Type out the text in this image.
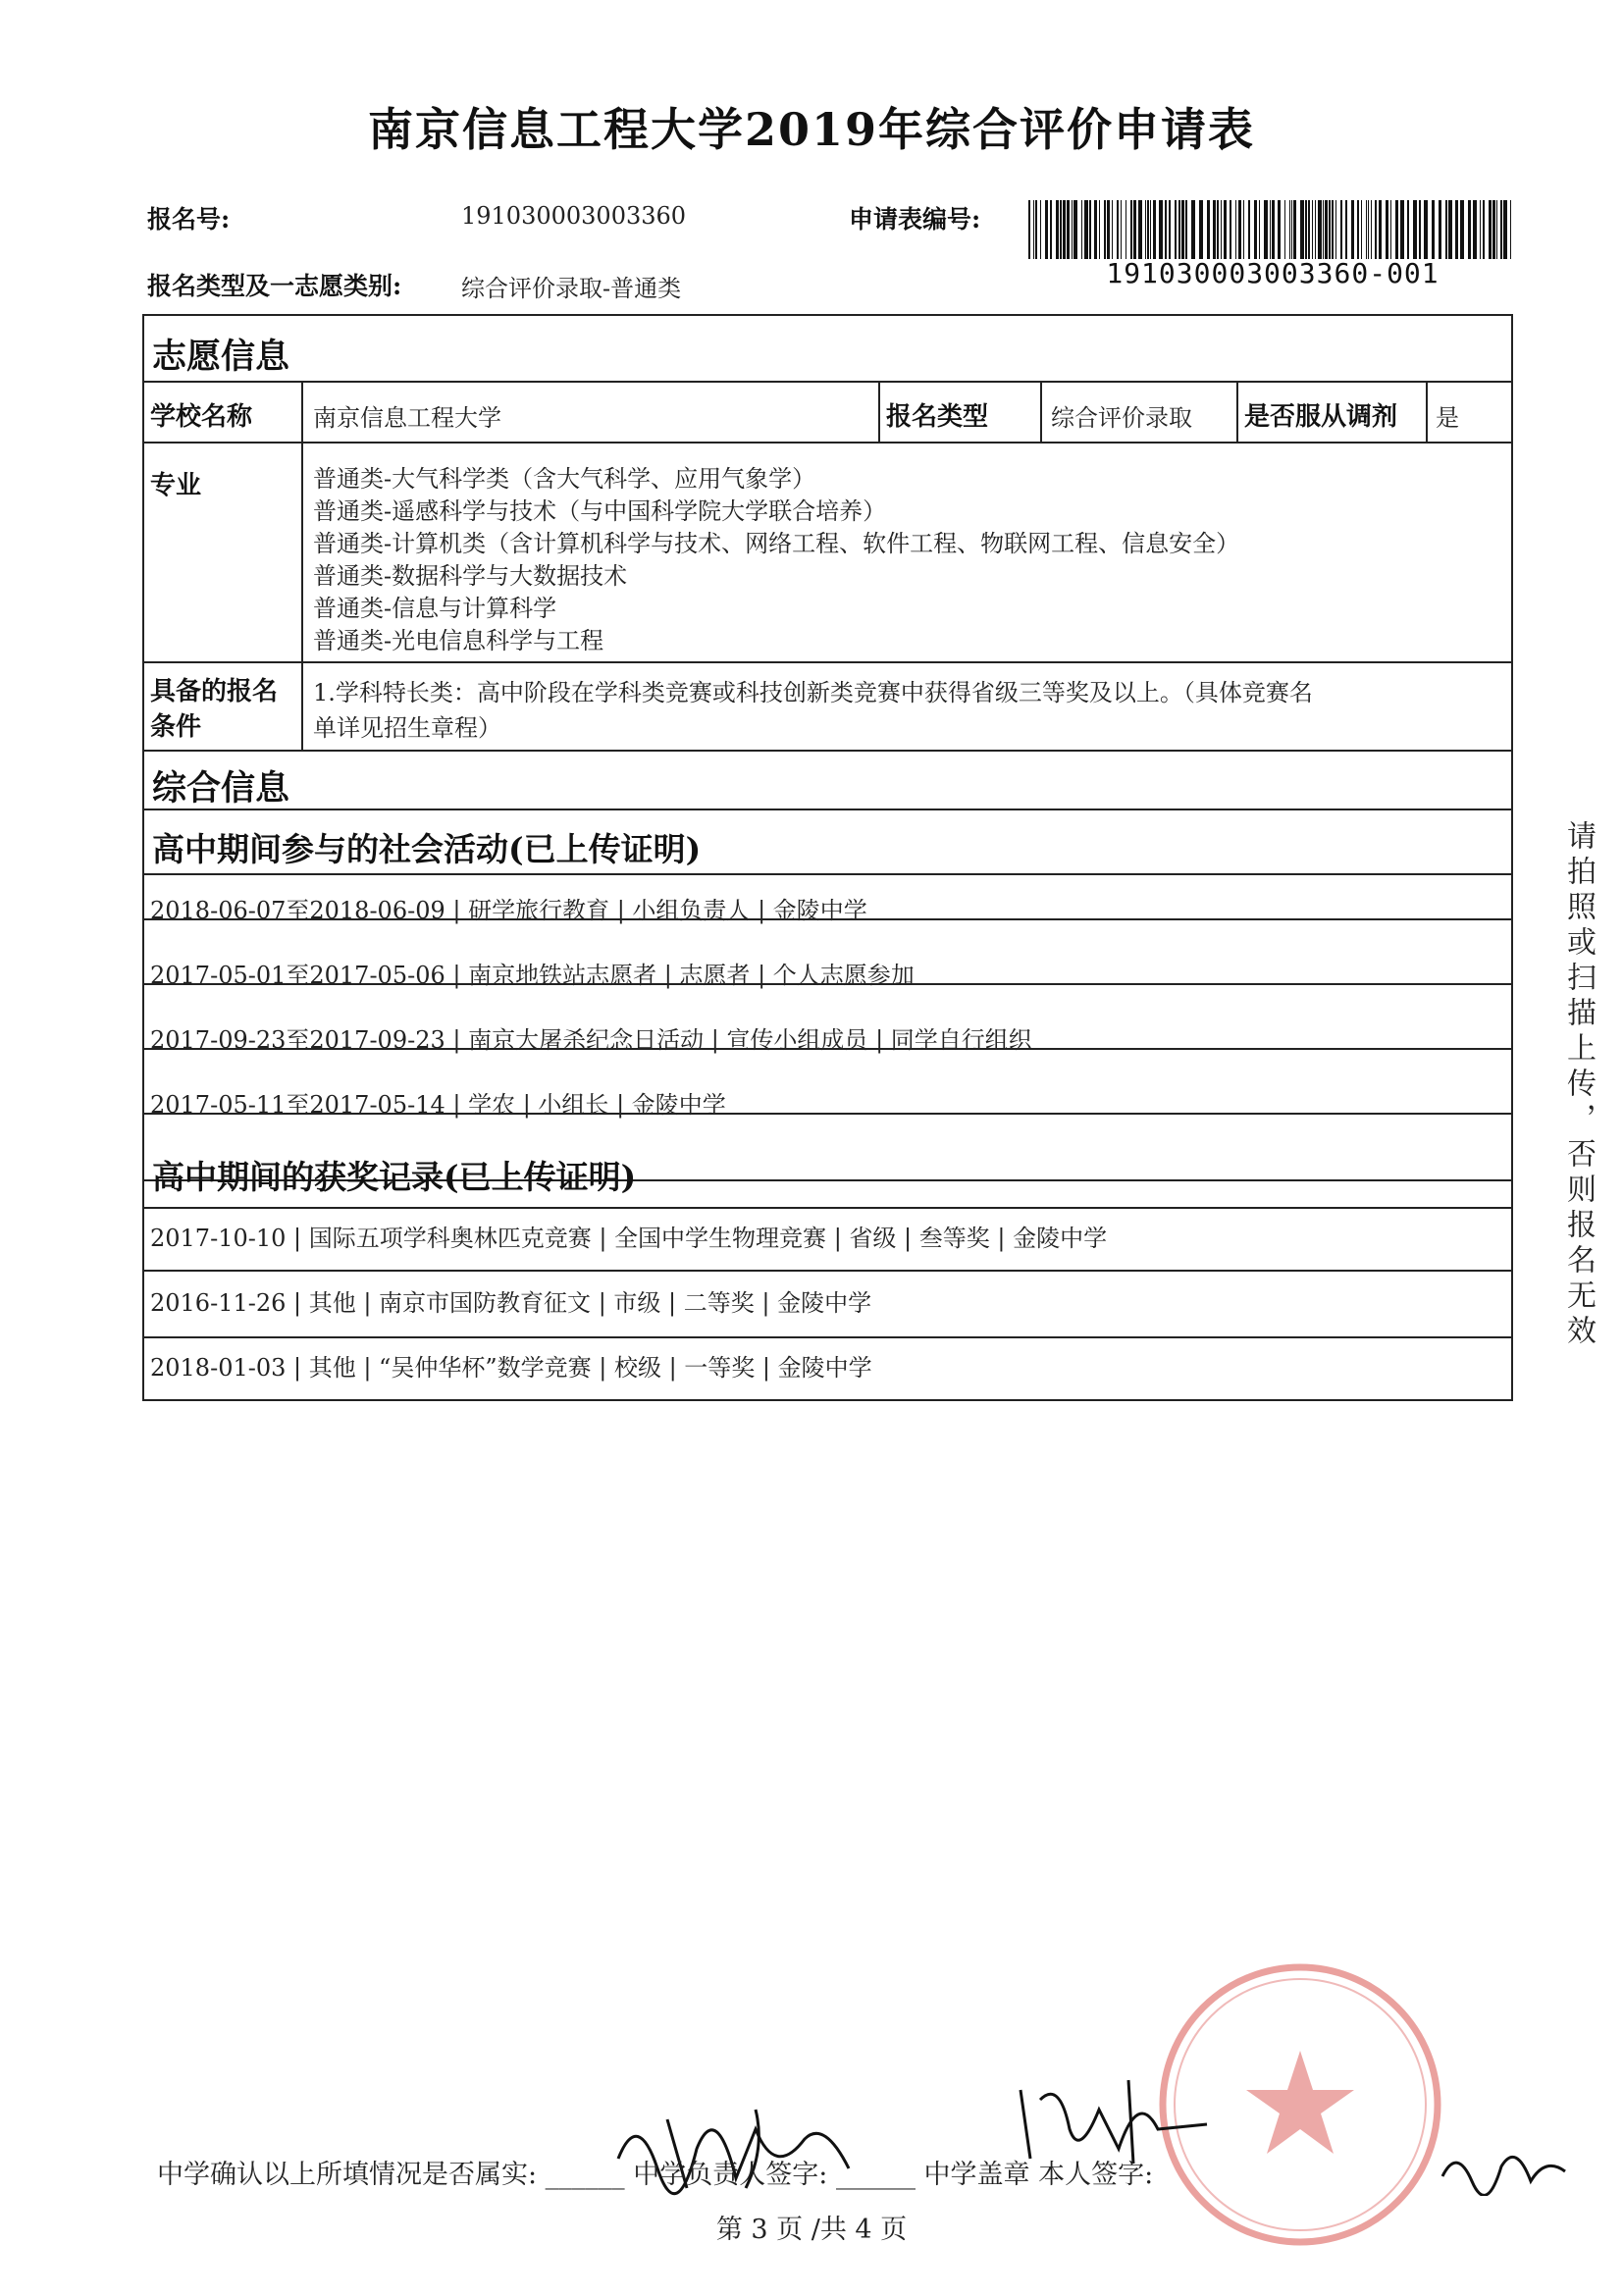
南京信息工程大学2019年综合评价申请表
报名号:	191030003003360	申请表编号:
191030003003360-001
报名类型及一志愿类别:	综合评价录取-普通类
志愿信息
学校名称	南京信息工程大学	报名类型	综合评价录取 是否服从调剂 是
专业	普通类-大气科学类（含大气科学、应用气象学）
普通类-遥感科学与技术（与中国科学院大学联合培养）
普通类-计算机类（含计算机科学与技术、网络工程、软件工程、物联网工程、信息安全）
普通类-数据科学与大数据技术
普通类-信息与计算科学
普通类-光电信息科学与工程
具备的报名
条件
1.学科特长类：高中阶段在学科类竞赛或科技创新类竞赛中获得省级三等奖及以上。（具体竞赛名
单详见招生章程）
综合信息
高中期间参与的社会活动(已上传证明)
2018-06-07至2018-06-09 | 研学旅行教育 | 小组负责人 | 金陵中学
2017-05-01至2017-05-06 | 南京地铁站志愿者 | 志愿者 | 个人志愿参加
2017-09-23至2017-09-23 | 南京大屠杀纪念日活动 | 宣传小组成员 | 同学自行组织
2017-05-11至2017-05-14 | 学农 | 小组长 | 金陵中学
高中期间的获奖记录(已上传证明)
2017-10-10 | 国际五项学科奥林匹克竞赛 | 全国中学生物理竞赛 | 省级 | 叁等奖 | 金陵中学
2016-11-26 | 其他 | 南京市国防教育征文 | 市级 | 二等奖 | 金陵中学
2018-01-03 | 其他 | “吴仲华杯”数学竞赛 | 校级 | 一等奖 | 金陵中学
请拍照或扫描上传，否则报名无效
中学确认以上所填情况是否属实: ______ 中学负责人签字: ______ 中学盖章 本人签字:
第 3 页 /共 4 页
